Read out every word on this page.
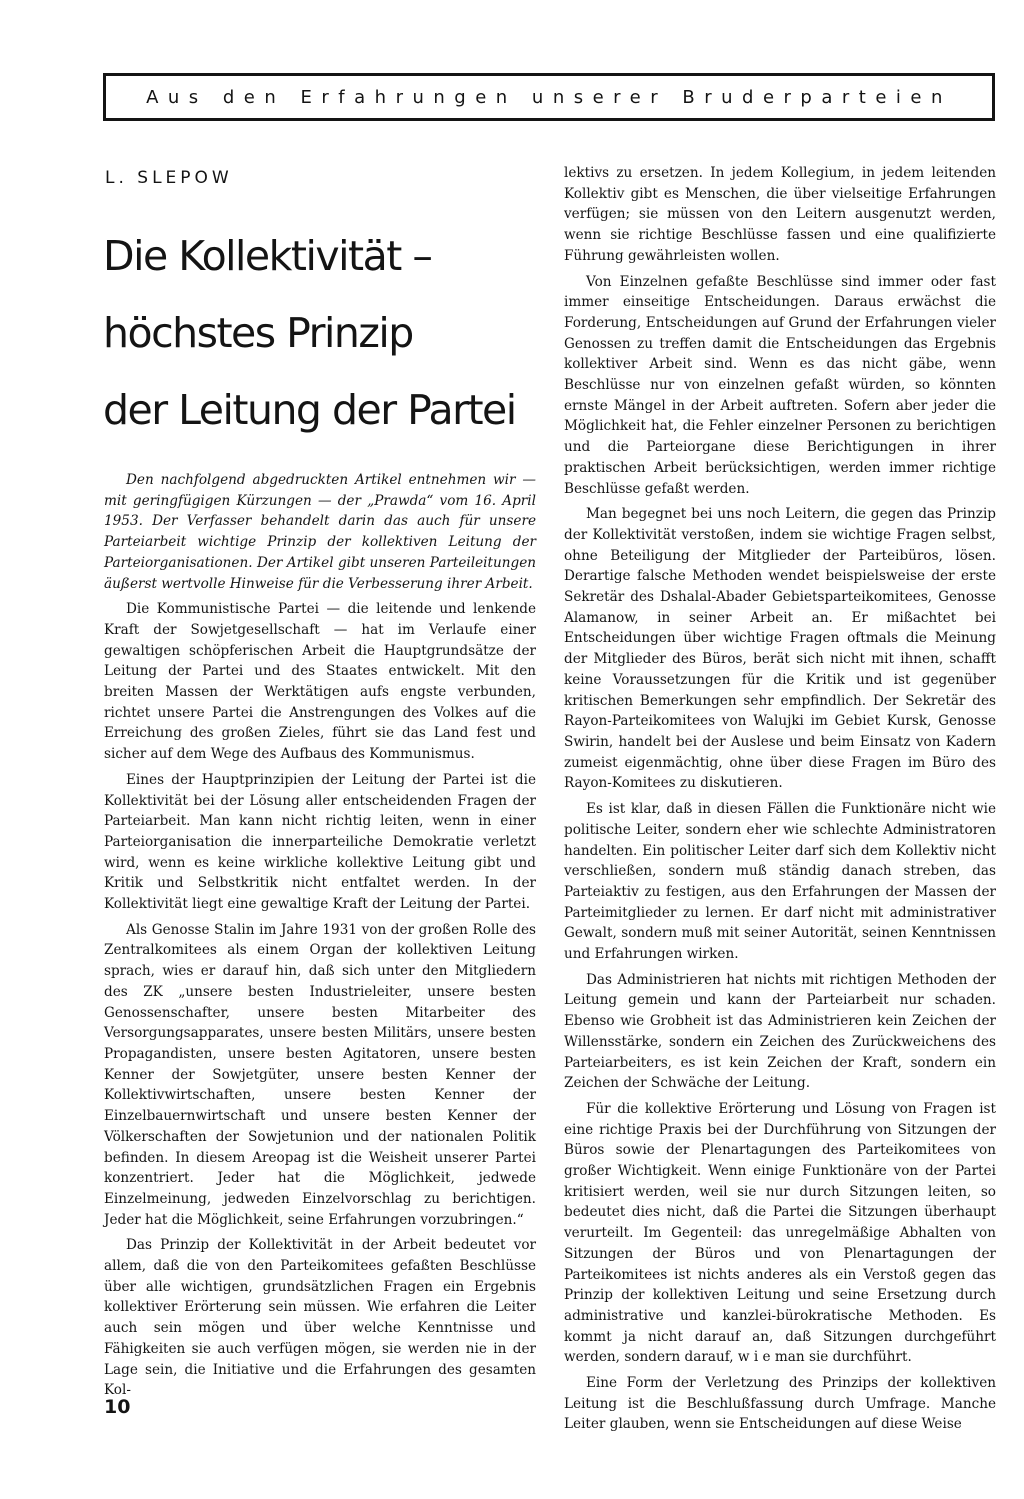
Aus den Erfahrungen unserer Bruderparteien
L. SLEPOW
Die Kollektivität –
höchstes Prinzip
der Leitung der Partei

Den nachfolgend abgedruckten Artikel entnehmen wir — mit geringfügigen Kürzungen — der „Prawda“ vom 16. April 1953. Der Verfasser behandelt darin das auch für unsere Parteiarbeit wichtige Prinzip der kollektiven Leitung der Parteiorganisationen. Der Artikel gibt unseren Parteileitungen äußerst wertvolle Hinweise für die Verbesserung ihrer Arbeit.

Die Kommunistische Partei — die leitende und lenkende Kraft der Sowjetgesellschaft — hat im Verlaufe einer gewaltigen schöpferischen Arbeit die Hauptgrundsätze der Leitung der Partei und des Staates entwickelt. Mit den breiten Massen der Werktätigen aufs engste verbunden, richtet unsere Partei die Anstrengungen des Volkes auf die Erreichung des großen Zieles, führt sie das Land fest und sicher auf dem Wege des Aufbaus des Kommunismus.

Eines der Hauptprinzipien der Leitung der Partei ist die Kollektivität bei der Lösung aller entscheidenden Fragen der Parteiarbeit. Man kann nicht richtig leiten, wenn in einer Parteiorganisation die innerparteiliche Demokratie verletzt wird, wenn es keine wirkliche kollektive Leitung gibt und Kritik und Selbstkritik nicht entfaltet werden. In der Kollektivität liegt eine gewaltige Kraft der Leitung der Partei.

Als Genosse Stalin im Jahre 1931 von der großen Rolle des Zentralkomitees als einem Organ der kollektiven Leitung sprach, wies er darauf hin, daß sich unter den Mitgliedern des ZK „unsere besten Industrieleiter, unsere besten Genossenschafter, unsere besten Mitarbeiter des Versorgungsapparates, unsere besten Militärs, unsere besten Propagandisten, unsere besten Agitatoren, unsere besten Kenner der Sowjetgüter, unsere besten Kenner der Kollektivwirtschaften, unsere besten Kenner der Einzelbauernwirtschaft und unsere besten Kenner der Völkerschaften der Sowjetunion und der nationalen Politik befinden. In diesem Areopag ist die Weisheit unserer Partei konzentriert. Jeder hat die Möglichkeit, jedwede Einzelmeinung, jedweden Einzelvorschlag zu berichtigen. Jeder hat die Möglichkeit, seine Erfahrungen vorzubringen.“

Das Prinzip der Kollektivität in der Arbeit bedeutet vor allem, daß die von den Parteikomitees gefaßten Beschlüsse über alle wichtigen, grundsätzlichen Fragen ein Ergebnis kollektiver Erörterung sein müssen. Wie erfahren die Leiter auch sein mögen und über welche Kenntnisse und Fähigkeiten sie auch verfügen mögen, sie werden nie in der Lage sein, die Initiative und die Erfahrungen des gesamten Kol-

lektivs zu ersetzen. In jedem Kollegium, in jedem leitenden Kollektiv gibt es Menschen, die über vielseitige Erfahrungen verfügen; sie müssen von den Leitern ausgenutzt werden, wenn sie richtige Beschlüsse fassen und eine qualifizierte Führung gewährleisten wollen.

Von Einzelnen gefaßte Beschlüsse sind immer oder fast immer einseitige Entscheidungen. Daraus erwächst die Forderung, Entscheidungen auf Grund der Erfahrungen vieler Genossen zu treffen damit die Entscheidungen das Ergebnis kollektiver Arbeit sind. Wenn es das nicht gäbe, wenn Beschlüsse nur von einzelnen gefaßt würden, so könnten ernste Mängel in der Arbeit auftreten. Sofern aber jeder die Möglichkeit hat, die Fehler einzelner Personen zu berichtigen und die Parteiorgane diese Berichtigungen in ihrer praktischen Arbeit berücksichtigen, werden immer richtige Beschlüsse gefaßt werden.

Man begegnet bei uns noch Leitern, die gegen das Prinzip der Kollektivität verstoßen, indem sie wichtige Fragen selbst, ohne Beteiligung der Mitglieder der Parteibüros, lösen. Derartige falsche Methoden wendet beispielsweise der erste Sekretär des Dshalal-Abader Gebietsparteikomitees, Genosse Alamanow, in seiner Arbeit an. Er mißachtet bei Entscheidungen über wichtige Fragen oftmals die Meinung der Mitglieder des Büros, berät sich nicht mit ihnen, schafft keine Voraussetzungen für die Kritik und ist gegenüber kritischen Bemerkungen sehr empfindlich. Der Sekretär des Rayon-Parteikomitees von Walujki im Gebiet Kursk, Genosse Swirin, handelt bei der Auslese und beim Einsatz von Kadern zumeist eigenmächtig, ohne über diese Fragen im Büro des Rayon-Komitees zu diskutieren.

Es ist klar, daß in diesen Fällen die Funktionäre nicht wie politische Leiter, sondern eher wie schlechte Administratoren handelten. Ein politischer Leiter darf sich dem Kollektiv nicht verschließen, sondern muß ständig danach streben, das Parteiaktiv zu festigen, aus den Erfahrungen der Massen der Parteimitglieder zu lernen. Er darf nicht mit administrativer Gewalt, sondern muß mit seiner Autorität, seinen Kenntnissen und Erfahrungen wirken.

Das Administrieren hat nichts mit richtigen Methoden der Leitung gemein und kann der Parteiarbeit nur schaden. Ebenso wie Grobheit ist das Administrieren kein Zeichen der Willensstärke, sondern ein Zeichen des Zurückweichens des Parteiarbeiters, es ist kein Zeichen der Kraft, sondern ein Zeichen der Schwäche der Leitung.

Für die kollektive Erörterung und Lösung von Fragen ist eine richtige Praxis bei der Durchführung von Sitzungen der Büros sowie der Plenartagungen des Parteikomitees von großer Wichtigkeit. Wenn einige Funktionäre von der Partei kritisiert werden, weil sie nur durch Sitzungen leiten, so bedeutet dies nicht, daß die Partei die Sitzungen überhaupt verurteilt. Im Gegenteil: das unregelmäßige Abhalten von Sitzungen der Büros und von Plenartagungen der Parteikomitees ist nichts anderes als ein Verstoß gegen das Prinzip der kollektiven Leitung und seine Ersetzung durch administrative und kanzlei-bürokratische Methoden. Es kommt ja nicht darauf an, daß Sitzungen durchgeführt werden, sondern darauf, w i e man sie durchführt.

Eine Form der Verletzung des Prinzips der kollektiven Leitung ist die Beschlußfassung durch Umfrage. Manche Leiter glauben, wenn sie Entscheidungen auf diese Weise

10
